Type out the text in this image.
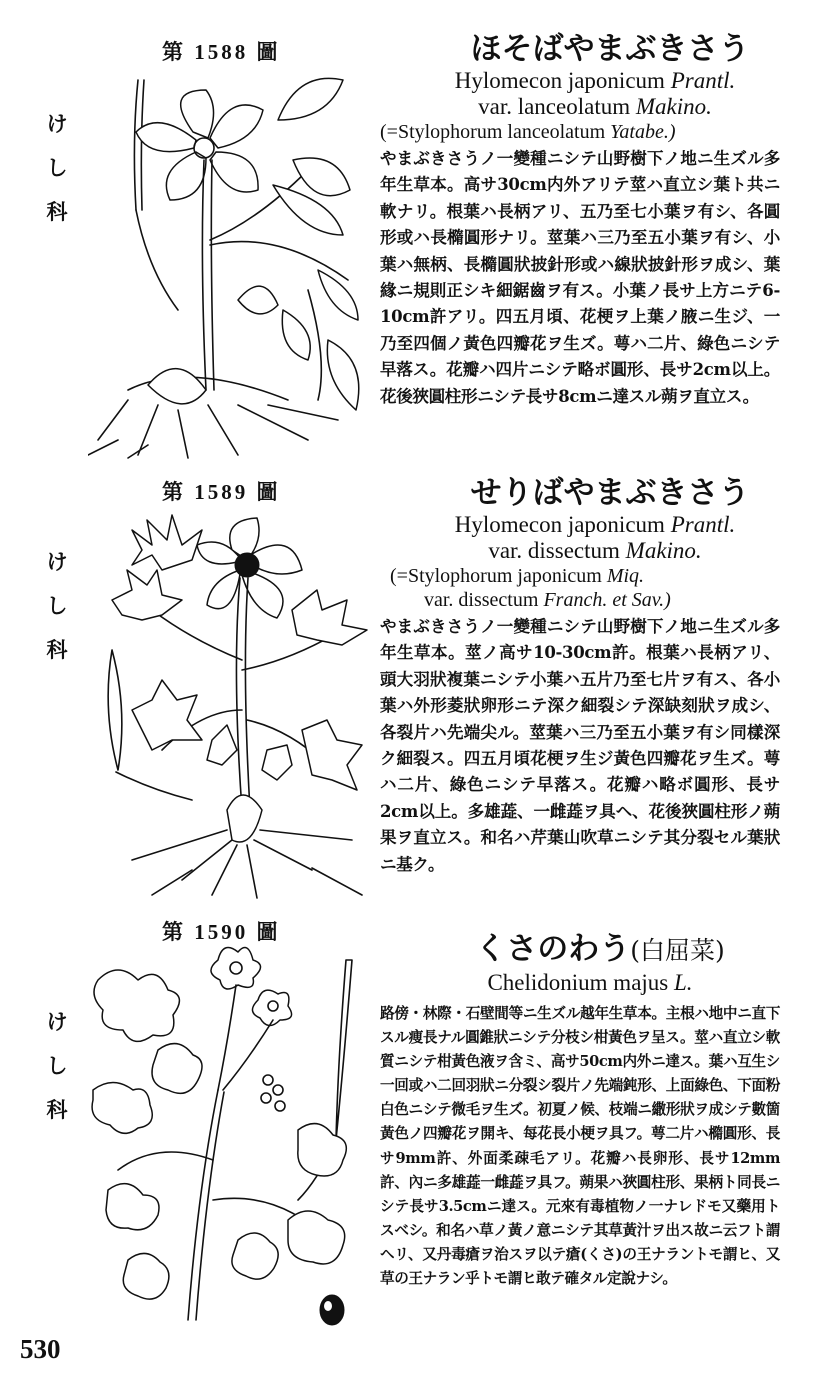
第 1588 圖
け
し
科
ほそばやまぶきさう
Hylomecon japonicum Prantl.
var. lanceolatum Makino.
(=Stylophorum lanceolatum Yatabe.)
やまぶきさうノ一變種ニシテ山野樹下ノ地ニ生ズル多年生草本。高サ30cm内外アリテ莖ハ直立シ葉ト共ニ軟ナリ。根葉ハ長柄アリ、五乃至七小葉ヲ有シ、各圓形或ハ長橢圓形ナリ。莖葉ハ三乃至五小葉ヲ有シ、小葉ハ無柄、長橢圓狀披針形或ハ線狀披針形ヲ成シ、葉緣ニ規則正シキ細鋸齒ヲ有ス。小葉ノ長サ上方ニテ6-10cm許アリ。四五月頃、花梗ヲ上葉ノ腋ニ生ジ、一乃至四個ノ黃色四瓣花ヲ生ズ。萼ハ二片、綠色ニシテ早落ス。花瓣ハ四片ニシテ略ボ圓形、長サ2cm以上。花後狹圓柱形ニシテ長サ8cmニ達スル蒴ヲ直立ス。
第 1589 圖
け
し
科
せりばやまぶきさう
Hylomecon japonicum Prantl.
var. dissectum Makino.
(=Stylophorum japonicum Miq.
var. dissectum Franch. et Sav.)
やまぶきさうノ一變種ニシテ山野樹下ノ地ニ生ズル多年生草本。莖ノ高サ10-30cm許。根葉ハ長柄アリ、頭大羽狀複葉ニシテ小葉ハ五片乃至七片ヲ有ス、各小葉ハ外形菱狀卵形ニテ深ク細裂シテ深缺刻狀ヲ成シ、各裂片ハ先端尖ル。莖葉ハ三乃至五小葉ヲ有シ同樣深ク細裂ス。四五月頃花梗ヲ生ジ黃色四瓣花ヲ生ズ。萼ハ二片、綠色ニシテ早落ス。花瓣ハ略ボ圓形、長サ2cm以上。多雄蕋、一雌蕋ヲ具ヘ、花後狹圓柱形ノ蒴果ヲ直立ス。和名ハ芹葉山吹草ニシテ其分裂セル葉狀ニ基ク。
第 1590 圖
け
し
科
くさのわう(白屈菜)
Chelidonium majus L.
路傍・林際・石壁間等ニ生ズル越年生草本。主根ハ地中ニ直下スル痩長ナル圓錐狀ニシテ分枝シ柑黃色ヲ呈ス。莖ハ直立シ軟質ニシテ柑黃色液ヲ含ミ、高サ50cm内外ニ達ス。葉ハ互生シ一回或ハ二回羽狀ニ分裂シ裂片ノ先端鈍形、上面綠色、下面粉白色ニシテ微毛ヲ生ズ。初夏ノ候、枝端ニ繖形狀ヲ成シテ數箇黃色ノ四瓣花ヲ開キ、每花長小梗ヲ具フ。萼二片ハ橢圓形、長サ9mm許、外面柔疎毛アリ。花瓣ハ長卵形、長サ12mm許、內ニ多雄蕋一雌蕋ヲ具フ。蒴果ハ狹圓柱形、果柄ト同長ニシテ長サ3.5cmニ達ス。元來有毒植物ノ一ナレドモ又藥用トスベシ。和名ハ草ノ黃ノ意ニシテ其草黃汁ヲ出ス故ニ云フト謂ヘリ、又丹毒瘡ヲ治スヲ以テ瘡(くさ)の王ナラントモ謂ヒ、又草の王ナラン乎トモ謂ヒ敢テ確タル定說ナシ。
530
